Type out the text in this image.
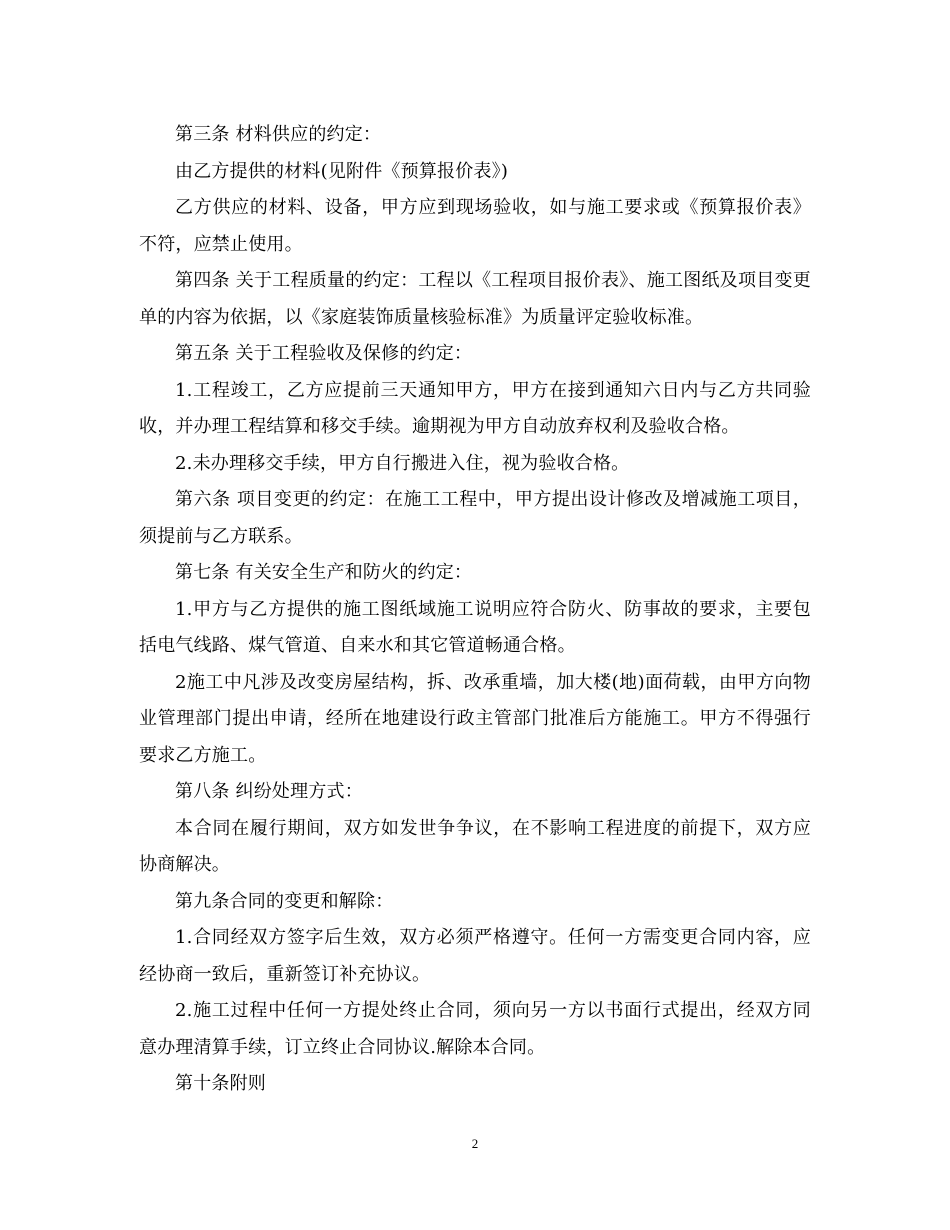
第三条 材料供应的约定：

由乙方提供的材料(见附件《预算报价表》)

乙方供应的材料、设备，甲方应到现场验收，如与施工要求或《预算报价表》不符，应禁止使用。

第四条 关于工程质量的约定：工程以《工程项目报价表》、施工图纸及项目变更单的内容为依据，以《家庭装饰质量核验标准》为质量评定验收标准。

第五条 关于工程验收及保修的约定：

1.工程竣工，乙方应提前三天通知甲方，甲方在接到通知六日内与乙方共同验收，并办理工程结算和移交手续。逾期视为甲方自动放弃权利及验收合格。

2.未办理移交手续，甲方自行搬进入住，视为验收合格。

第六条 项目变更的约定：在施工工程中，甲方提出设计修改及增减施工项目，须提前与乙方联系。

第七条 有关安全生产和防火的约定：

1.甲方与乙方提供的施工图纸域施工说明应符合防火、防事故的要求，主要包括电气线路、煤气管道、自来水和其它管道畅通合格。

2施工中凡涉及改变房屋结构，拆、改承重墙，加大楼(地)面荷载，由甲方向物业管理部门提出申请，经所在地建设行政主管部门批准后方能施工。甲方不得强行要求乙方施工。

第八条 纠纷处理方式：

本合同在履行期间，双方如发世争争议，在不影响工程进度的前提下，双方应协商解决。

第九条合同的变更和解除：

1.合同经双方签字后生效，双方必须严格遵守。任何一方需变更合同内容，应经协商一致后，重新签订补充协议。

2.施工过程中任何一方提处终止合同，须向另一方以书面行式提出，经双方同意办理清算手续，订立终止合同协议.解除本合同。

第十条附则

2
